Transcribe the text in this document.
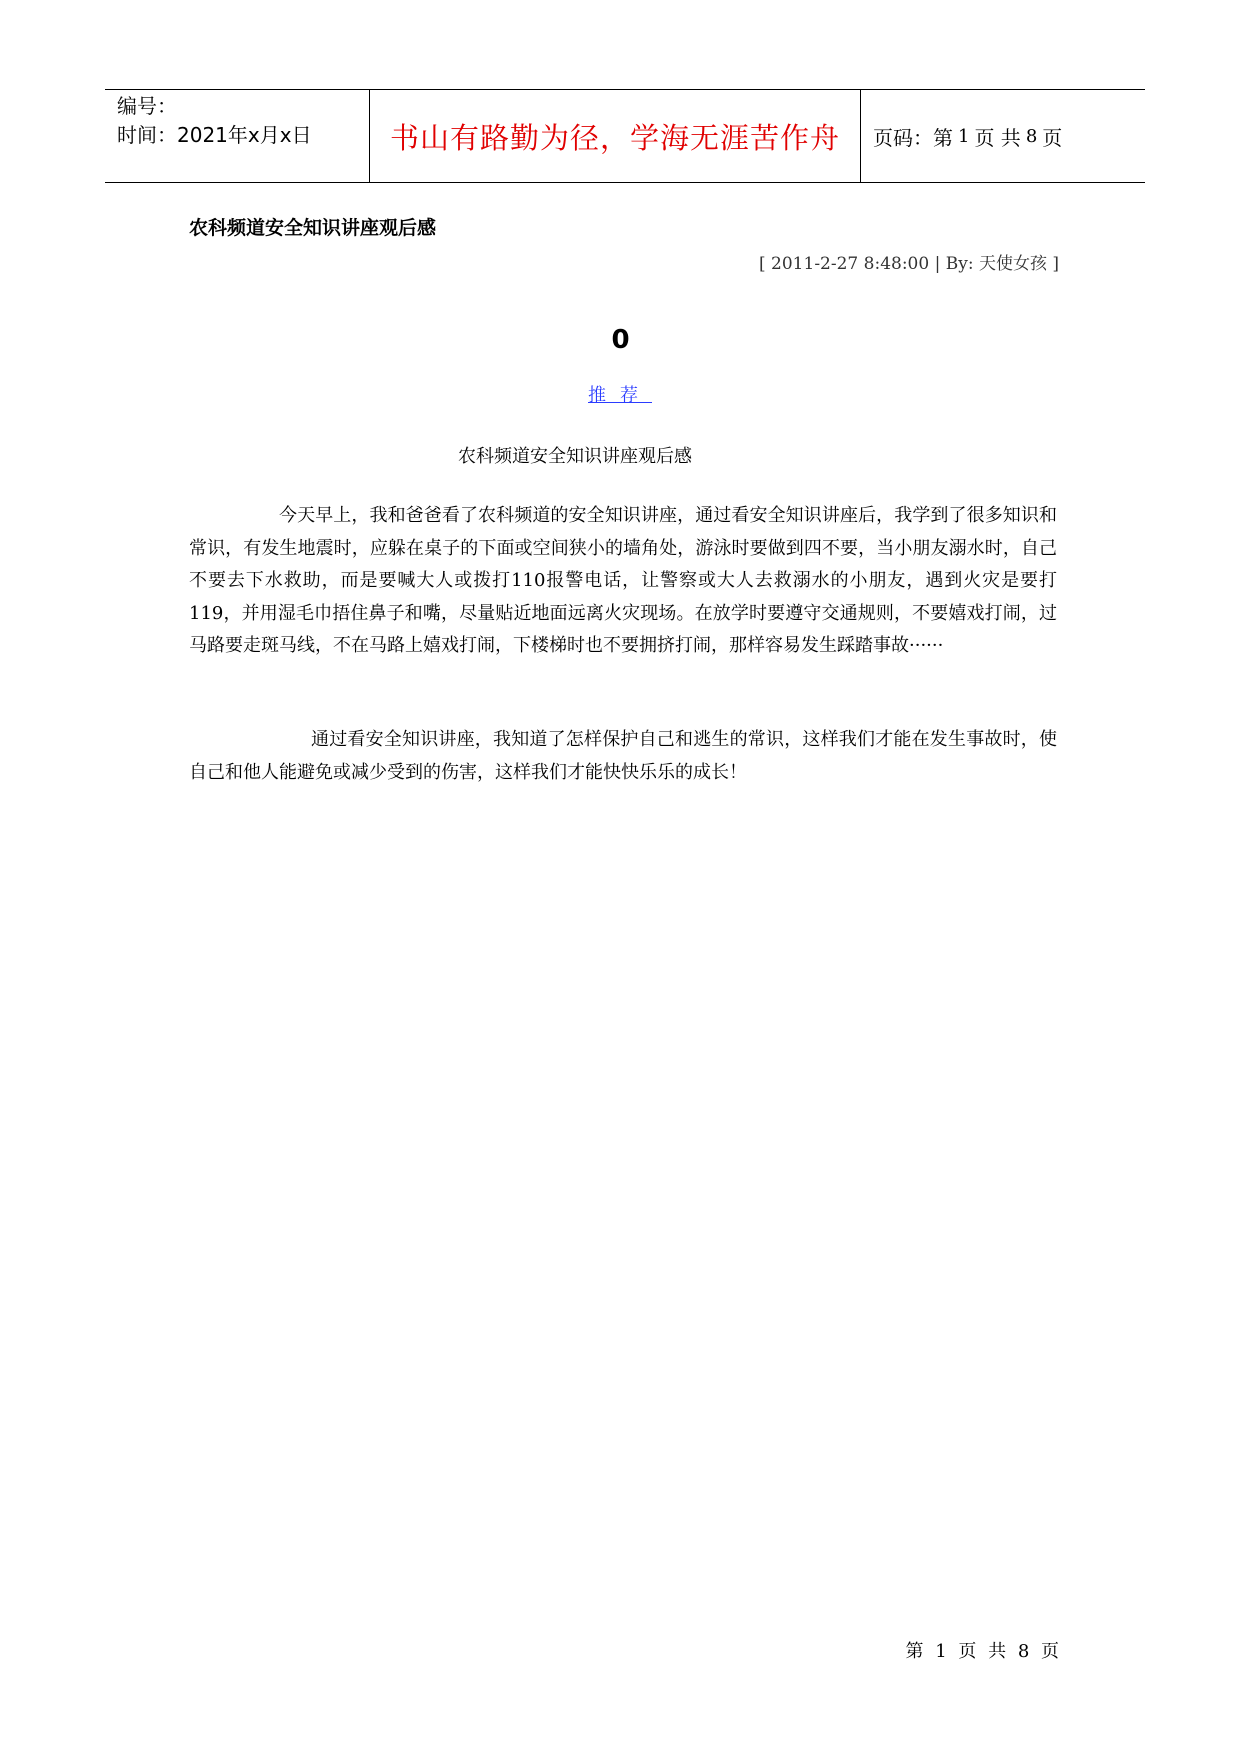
编号：
时间：2021年x月x日	书山有路勤为径，学海无涯苦作舟 页码：第 1 页 共 8 页
农科频道安全知识讲座观后感
[ 2011-2-27 8:48:00 | By: 天使女孩 ]
0
推荐
农科频道安全知识讲座观后感

今天早上，我和爸爸看了农科频道的安全知识讲座，通过看安全知识讲座后，我学到了很多知识和常识，有发生地震时，应躲在桌子的下面或空间狭小的墙角处，游泳时要做到四不要，当小朋友溺水时，自己不要去下水救助，而是要喊大人或拨打110报警电话，让警察或大人去救溺水的小朋友，遇到火灾是要打119，并用湿毛巾捂住鼻子和嘴，尽量贴近地面远离火灾现场。在放学时要遵守交通规则，不要嬉戏打闹，过马路要走斑马线，不在马路上嬉戏打闹，下楼梯时也不要拥挤打闹，那样容易发生踩踏事故······

通过看安全知识讲座，我知道了怎样保护自己和逃生的常识，这样我们才能在发生事故时，使自己和他人能避免或减少受到的伤害，这样我们才能快快乐乐的成长！

第 1 页 共 8 页
